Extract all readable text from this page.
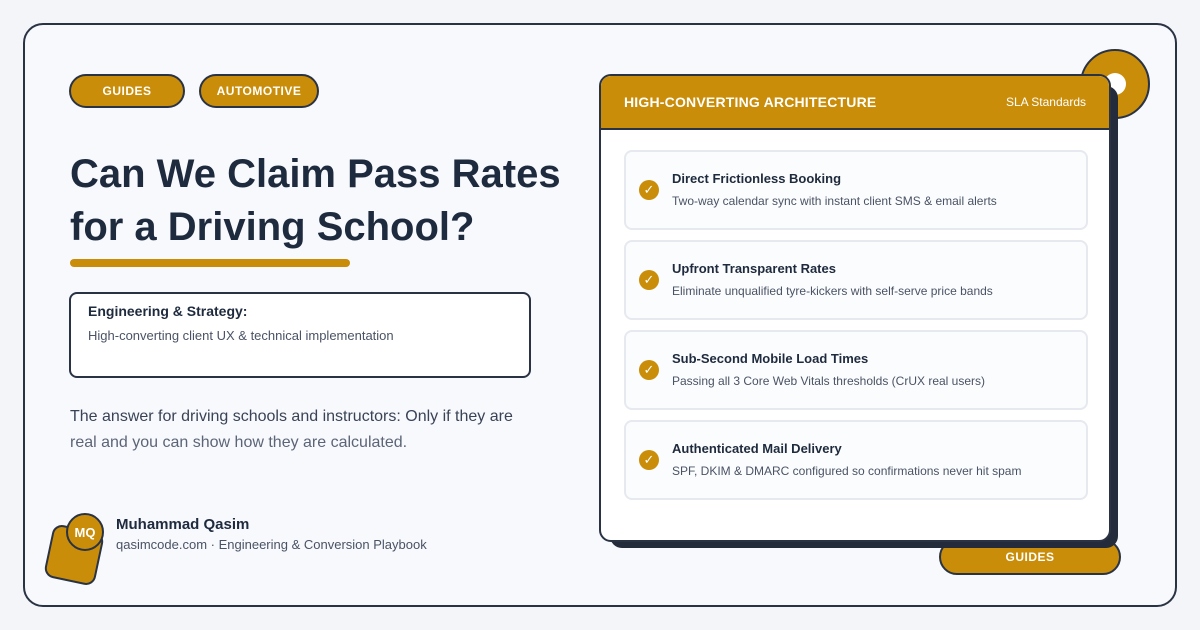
GUIDES	AUTOMOTIVE
Can We Claim Pass Rates
for a Driving School?
Engineering & Strategy:
High-converting client UX & technical implementation

The answer for driving schools and instructors: Only if they are
real and you can show how they are calculated.

MQ	Muhammad Qasim
qasimcode.com · Engineering & Conversion Playbook
GUIDES
HIGH-CONVERTING ARCHITECTURE	SLA Standards
✓
Direct Frictionless Booking
Two-way calendar sync with instant client SMS & email alerts
✓
Upfront Transparent Rates
Eliminate unqualified tyre-kickers with self-serve price bands
✓
Sub-Second Mobile Load Times
Passing all 3 Core Web Vitals thresholds (CrUX real users)
✓
Authenticated Mail Delivery
SPF, DKIM & DMARC configured so confirmations never hit spam
